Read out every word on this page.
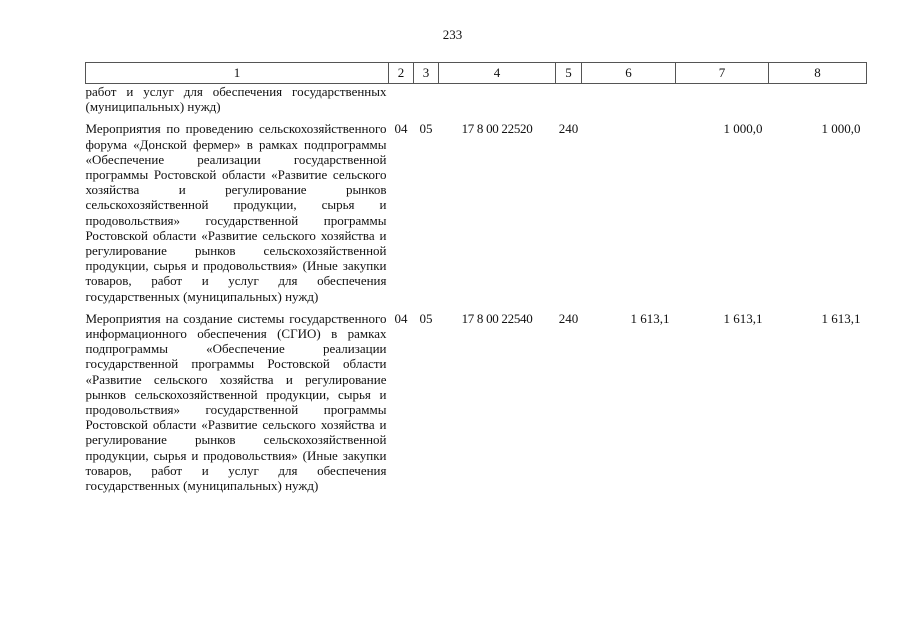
233
1	2	3	4	5	6	7	8
работ и услуг для обеспечения государственных (муниципальных) нужд)							
Мероприятия по проведению сельскохозяйственного форума «Донской фермер» в рамках подпрограммы «Обеспечение реализации государственной программы Ростовской области «Развитие сельского хозяйства и регулирование рынков сельскохозяйственной продукции, сырья и продовольствия» государственной программы Ростовской области «Развитие сельского хозяйства и регулирование рынков сельскохозяйственной продукции, сырья и продовольствия» (Иные закупки товаров, работ и услуг для обеспечения государственных (муниципальных) нужд)	04	05	17 8 00 22520	240		1 000,0	1 000,0
Мероприятия на создание системы государственного информационного обеспечения (СГИО) в рамках подпрограммы «Обеспечение реализации государственной программы Ростовской области «Развитие сельского хозяйства и регулирование рынков сельскохозяйственной продукции, сырья и продовольствия» государственной программы Ростовской области «Развитие сельского хозяйства и регулирование рынков сельскохозяйственной продукции, сырья и продовольствия» (Иные закупки товаров, работ и услуг для обеспечения государственных (муниципальных) нужд)	04	05	17 8 00 22540	240	1 613,1	1 613,1	1 613,1
